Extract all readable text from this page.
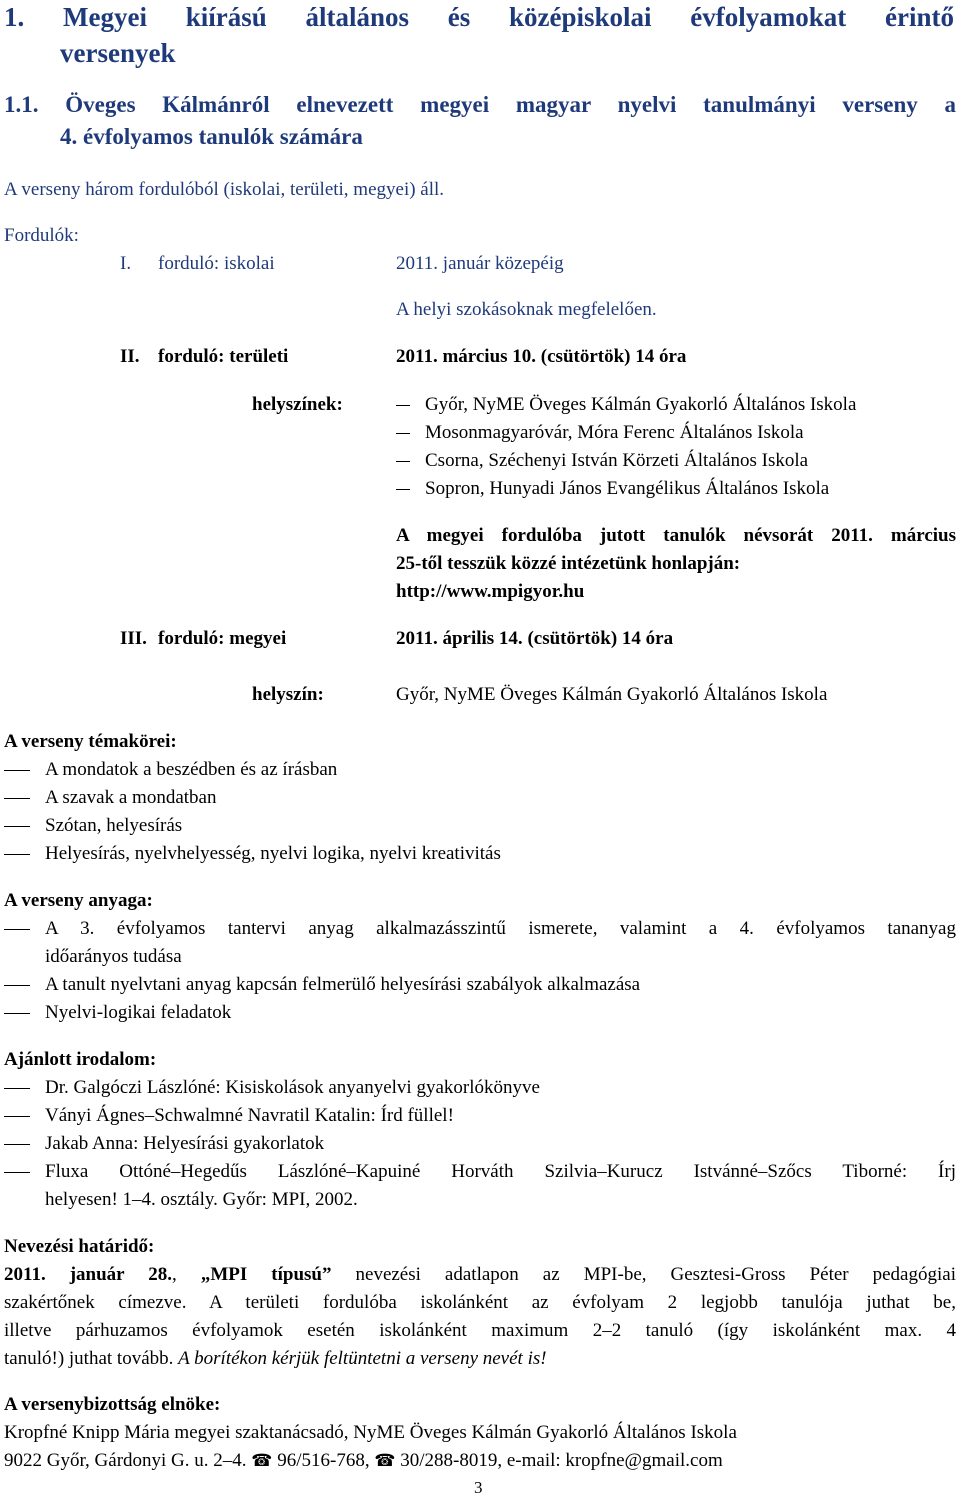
1. Megyei kiírású általános és középiskolai évfolyamokat érintő
versenyek
1.1. Öveges Kálmánról elnevezett megyei magyar nyelvi tanulmányi verseny a
4. évfolyamos tanulók számára
A verseny három fordulóból (iskolai, területi, megyei) áll.
Fordulók:
I. forduló: iskolai	2011. január közepéig
A helyi szokásoknak megfelelően.
II. forduló: területi	2011. március 10. (csütörtök) 14 óra
helyszínek:	Győr, NyME Öveges Kálmán Gyakorló Általános Iskola
Mosonmagyaróvár, Móra Ferenc Általános Iskola
Csorna, Széchenyi István Körzeti Általános Iskola
Sopron, Hunyadi János Evangélikus Általános Iskola
A megyei fordulóba jutott tanulók névsorát 2011. március
25-től tesszük közzé intézetünk honlapján:
http://www.mpigyor.hu
III. forduló: megyei	2011. április 14. (csütörtök) 14 óra
helyszín:	Győr, NyME Öveges Kálmán Gyakorló Általános Iskola
A verseny témakörei:
A mondatok a beszédben és az írásban
A szavak a mondatban
Szótan, helyesírás
Helyesírás, nyelvhelyesség, nyelvi logika, nyelvi kreativitás
A verseny anyaga:
A 3. évfolyamos tantervi anyag alkalmazásszintű ismerete, valamint a 4. évfolyamos tananyag
időarányos tudása
A tanult nyelvtani anyag kapcsán felmerülő helyesírási szabályok alkalmazása
Nyelvi-logikai feladatok
Ajánlott irodalom:
Dr. Galgóczi Lászlóné: Kisiskolások anyanyelvi gyakorlókönyve
Ványi Ágnes–Schwalmné Navratil Katalin: Írd füllel!
Jakab Anna: Helyesírási gyakorlatok
Fluxa Ottóné–Hegedűs Lászlóné–Kapuiné Horváth Szilvia–Kurucz Istvánné–Szőcs Tiborné: Írj
helyesen! 1–4. osztály. Győr: MPI, 2002.
Nevezési határidő:
2011. január 28., „MPI típusú” nevezési adatlapon az MPI-be, Gesztesi-Gross Péter pedagógiai
szakértőnek címezve. A területi fordulóba iskolánként az évfolyam 2 legjobb tanulója juthat be,
illetve párhuzamos évfolyamok esetén iskolánként maximum 2–2 tanuló (így iskolánként max. 4
tanuló!) juthat tovább. A borítékon kérjük feltüntetni a verseny nevét is!
A versenybizottság elnöke:
Kropfné Knipp Mária megyei szaktanácsadó, NyME Öveges Kálmán Gyakorló Általános Iskola
9022 Győr, Gárdonyi G. u. 2–4. ☎ 96/516-768, ☎ 30/288-8019, e-mail: kropfne@gmail.com
3
